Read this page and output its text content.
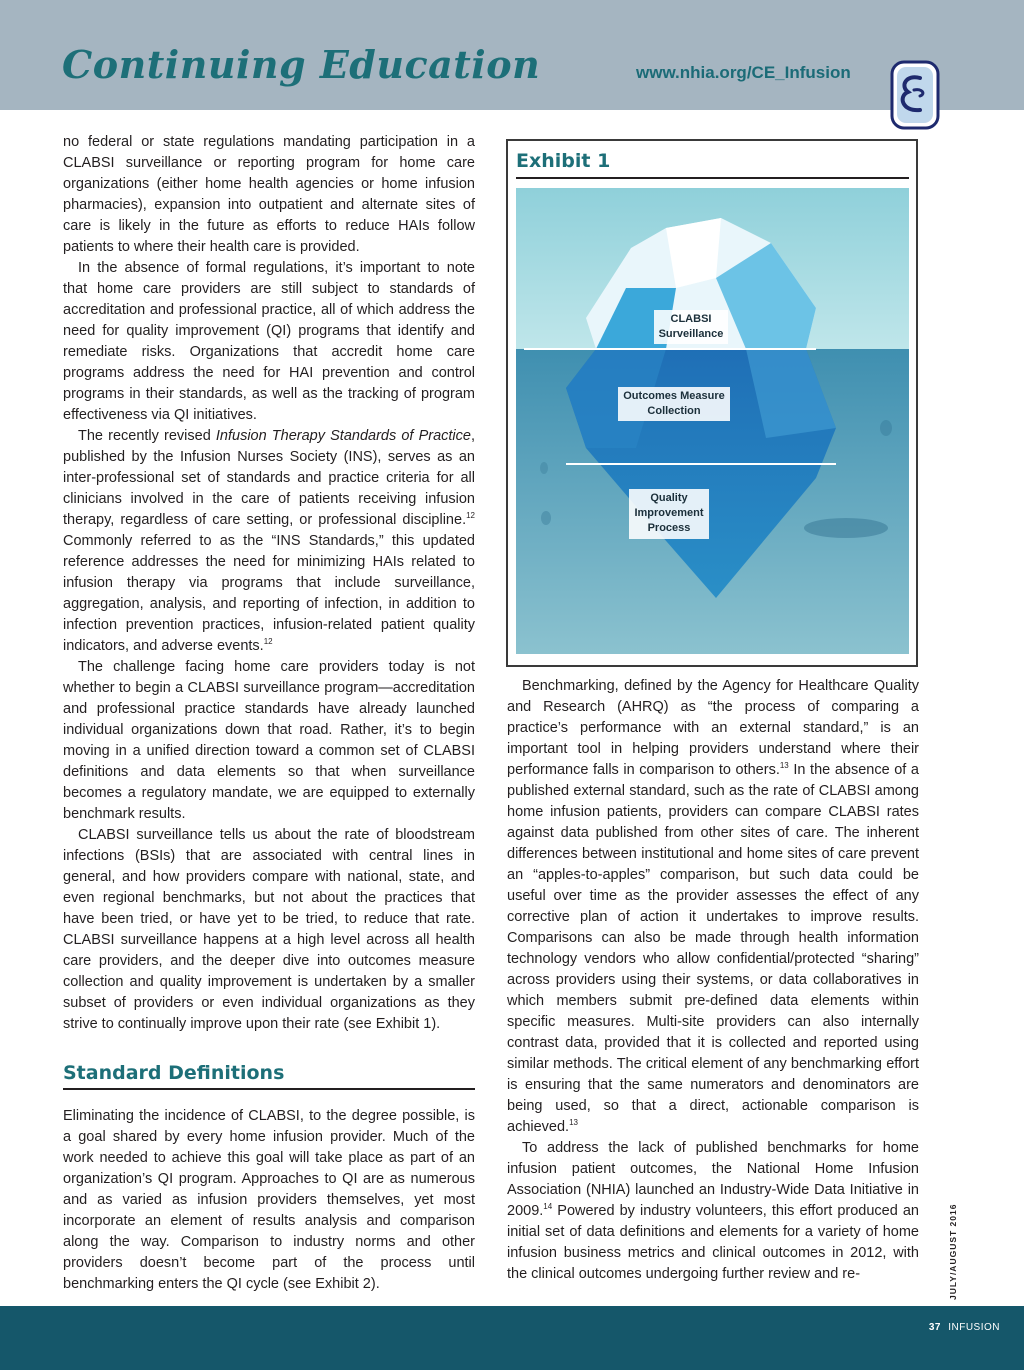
Continuing Education	www.nhia.org/CE_Infusion

no federal or state regulations mandating participation in a CLABSI surveillance or reporting program for home care organizations (either home health agencies or home infusion pharmacies), expansion into outpatient and alternate sites of care is likely in the future as efforts to reduce HAIs follow patients to where their health care is provided.

In the absence of formal regulations, it’s important to note that home care providers are still subject to standards of accreditation and professional practice, all of which address the need for quality improvement (QI) programs that identify and remediate risks. Organizations that accredit home care programs address the need for HAI prevention and control programs in their standards, as well as the tracking of program effectiveness via QI initiatives.

The recently revised Infusion Therapy Standards of Practice, published by the Infusion Nurses Society (INS), serves as an inter-professional set of standards and practice criteria for all clinicians involved in the care of patients receiving infusion therapy, regardless of care setting, or professional discipline.$^{12}$ Commonly referred to as the “INS Standards,” this updated reference addresses the need for minimizing HAIs related to infusion therapy via programs that include surveillance, aggregation, analysis, and reporting of infection, in addition to infection prevention practices, infusion-related patient quality indicators, and adverse events.$^{12}$

The challenge facing home care providers today is not whether to begin a CLABSI surveillance program—accreditation and professional practice standards have already launched individual organizations down that road. Rather, it’s to begin moving in a unified direction toward a common set of CLABSI definitions and data elements so that when surveillance becomes a regulatory mandate, we are equipped to externally benchmark results.

CLABSI surveillance tells us about the rate of bloodstream infections (BSIs) that are associated with central lines in general, and how providers compare with national, state, and even regional benchmarks, but not about the practices that have been tried, or have yet to be tried, to reduce that rate. CLABSI surveillance happens at a high level across all health care providers, and the deeper dive into outcomes measure collection and quality improvement is undertaken by a smaller subset of providers or even individual organizations as they strive to continually improve upon their rate (see Exhibit 1).

Standard Definitions

Eliminating the incidence of CLABSI, to the degree possible, is a goal shared by every home infusion provider. Much of the work needed to achieve this goal will take place as part of an organization’s QI program. Approaches to QI are as numerous and as varied as infusion providers themselves, yet most incorporate an element of results analysis and comparison along the way. Comparison to industry norms and other providers doesn’t become part of the process until benchmarking enters the QI cycle (see Exhibit 2).

Exhibit 1
CLABSI
Surveillance
Outcomes Measure
Collection
Quality
Improvement
Process

Benchmarking, defined by the Agency for Healthcare Quality and Research (AHRQ) as “the process of comparing a practice’s performance with an external standard,” is an important tool in helping providers understand where their performance falls in comparison to others.$^{13}$ In the absence of a published external standard, such as the rate of CLABSI among home infusion patients, providers can compare CLABSI rates against data published from other sites of care. The inherent differences between institutional and home sites of care prevent an “apples-to-apples” comparison, but such data could be useful over time as the provider assesses the effect of any corrective plan of action it undertakes to improve results. Comparisons can also be made through health information technology vendors who allow confidential/protected “sharing” across providers using their systems, or data collaboratives in which members submit pre-defined data elements within specific measures. Multi-site providers can also internally contrast data, provided that it is collected and reported using similar methods. The critical element of any benchmarking effort is ensuring that the same numerators and denominators are being used, so that a direct, actionable comparison is achieved.$^{13}$

To address the lack of published benchmarks for home infusion patient outcomes, the National Home Infusion Association (NHIA) launched an Industry-Wide Data Initiative in 2009.14 Powered by industry volunteers, this effort produced an initial set of data definitions and elements for a variety of home infusion business metrics and clinical outcomes in 2012, with the clinical outcomes undergoing further review and re-	JULY/AUGUST 2016
37 INFUSION
